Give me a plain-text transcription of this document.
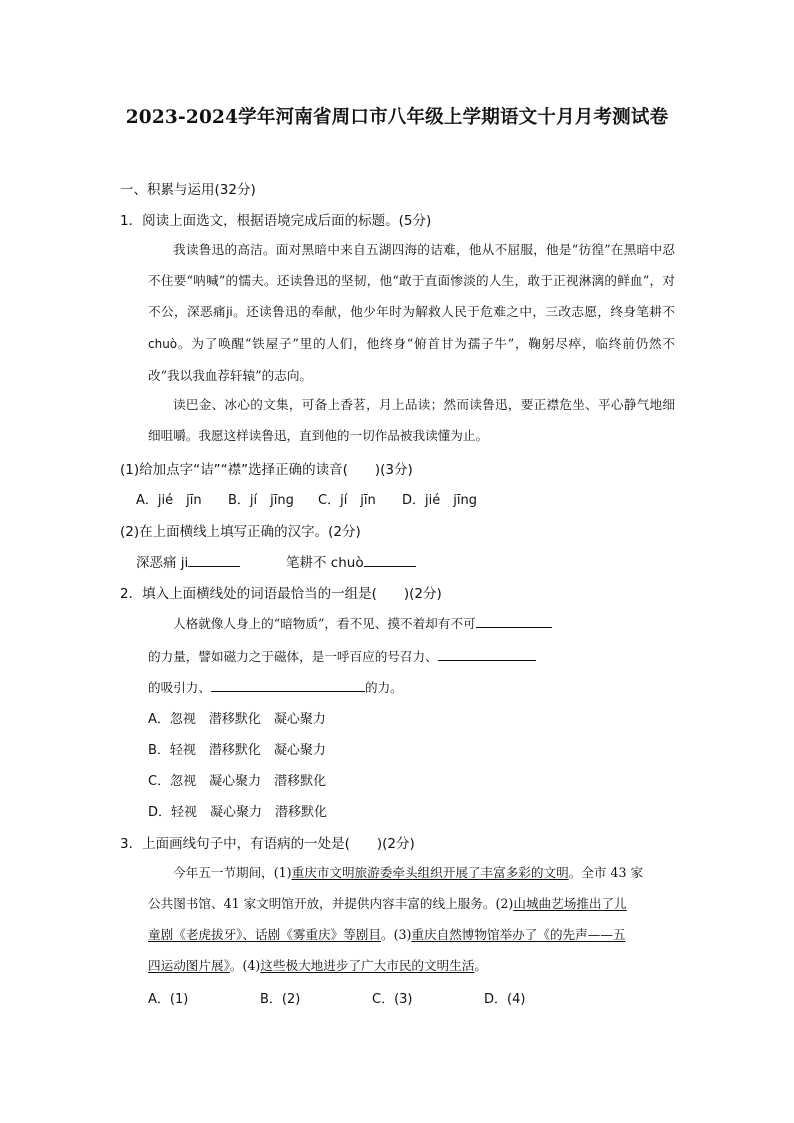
2023-2024学年河南省周口市八年级上学期语文十月月考测试卷
一、积累与运用(32分)
1．阅读上面选文，根据语境完成后面的标题。(5分)
我读鲁迅的高洁。面对黑暗中来自五湖四海的诘难，他从不屈服，他是“彷徨”在黑暗中忍不住要“呐喊”的懦夫。还读鲁迅的坚韧，他“敢于直面惨淡的人生，敢于正视淋漓的鲜血”，对不公，深恶痛ji。还读鲁迅的奉献，他少年时为解救人民于危难之中，三改志愿，终身笔耕不chuò。为了唤醒“铁屋子”里的人们，他终身“俯首甘为孺子牛”，鞠躬尽瘁，临终前仍然不改“我以我血荐轩辕”的志向。
读巴金、冰心的文集，可备上香茗，月上品读；然而读鲁迅，要正襟危坐、平心静气地细细咀嚼。我愿这样读鲁迅，直到他的一切作品被我读懂为止。
(1)给加点字“诘”“襟”选择正确的读音(　　)(3分)
A．jié　jīn B．jí　jīng C．jí　jīn D．jié　jīng
(2)在上面横线上填写正确的汉字。(2分)
深恶痛 ji	笔耕不 chuò
2．填入上面横线处的词语最恰当的一组是(　　)(2分)
人格就像人身上的“暗物质”，看不见、摸不着却有不可
的力量，譬如磁力之于磁体，是一呼百应的号召力、
的吸引力、	的力。
A．忽视　潜移默化　凝心聚力
B．轻视　潜移默化　凝心聚力
C．忽视　凝心聚力　潜移默化
D．轻视　凝心聚力　潜移默化
3．上面画线句子中，有语病的一处是(　　)(2分)
今年五一节期间，(1)重庆市文明旅游委牵头组织开展了丰富多彩的文明。全市 43 家
公共图书馆、41 家文明馆开放，并提供内容丰富的线上服务。(2)山城曲艺场推出了儿
童剧《老虎拔牙》、话剧《雾重庆》等剧目。(3)重庆自然博物馆举办了《的先声——五
四运动图片展》。(4)这些极大地进步了广大市民的文明生活。
A．(1)	B．(2)	C．(3)	D．(4)
